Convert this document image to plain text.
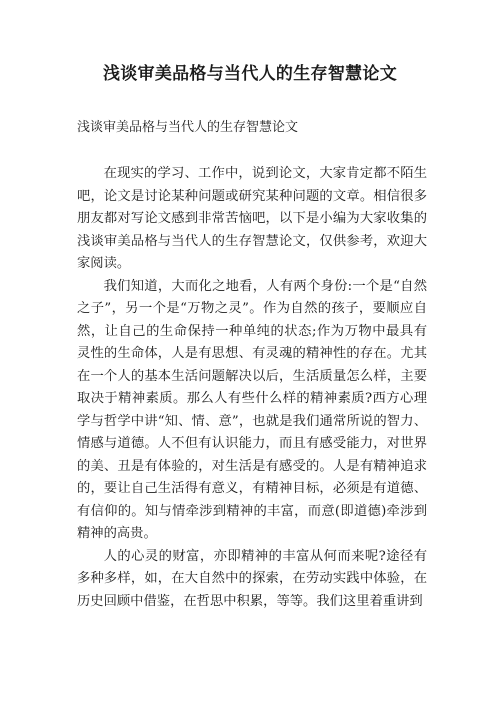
浅谈审美品格与当代人的生存智慧论文

浅谈审美品格与当代人的生存智慧论文

在现实的学习、工作中，说到论文，大家肯定都不陌生吧，论文是讨论某种问题或研究某种问题的文章。相信很多朋友都对写论文感到非常苦恼吧，以下是小编为大家收集的浅谈审美品格与当代人的生存智慧论文，仅供参考，欢迎大家阅读。

我们知道，大而化之地看，人有两个身份:一个是“自然之子”，另一个是“万物之灵”。作为自然的孩子，要顺应自然，让自己的生命保持一种单纯的状态;作为万物中最具有灵性的生命体，人是有思想、有灵魂的精神性的存在。尤其在一个人的基本生活问题解决以后，生活质量怎么样，主要取决于精神素质。那么人有些什么样的精神素质?西方心理学与哲学中讲“知、情、意”，也就是我们通常所说的智力、情感与道德。人不但有认识能力，而且有感受能力，对世界的美、丑是有体验的，对生活是有感受的。人是有精神追求的，要让自己生活得有意义，有精神目标，必须是有道德、有信仰的。知与情牵涉到精神的丰富，而意(即道德)牵涉到精神的高贵。

人的心灵的财富，亦即精神的丰富从何而来呢?途径有多种多样，如，在大自然中的探索，在劳动实践中体验，在历史回顾中借鉴，在哲思中积累，等等。我们这里着重讲到
